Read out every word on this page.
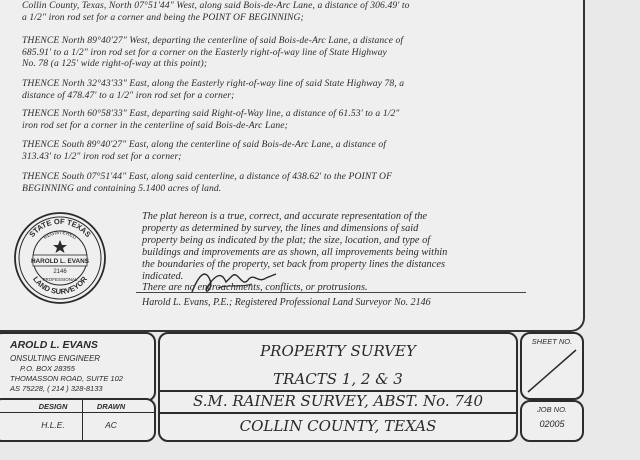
Collin County, Texas, North 07°51'44" West, along said Bois-de-Arc Lane, a distance of 306.49' to
a 1/2" iron rod set for a corner and being the POINT OF BEGINNING;
THENCE North 89°40'27" West, departing the centerline of said Bois-de-Arc Lane, a distance of
685.91' to a 1/2" iron rod set for a corner on the Easterly right-of-way line of State Highway
No. 78 (a 125' wide right-of-way at this point);
THENCE North 32°43'33" East, along the Easterly right-of-way line of said State Highway 78, a
distance of 478.47' to a 1/2" iron rod set for a corner;
THENCE North 60°58'33" East, departing said Right-of-Way line, a distance of 61.53' to a 1/2"
iron rod set for a corner in the centerline of said Bois-de-Arc Lane;
THENCE South 89°40'27" East, along the centerline of said Bois-de-Arc Lane, a distance of
313.43' to 1/2" iron rod set for a corner;
THENCE South 07°51'44" East, along said centerline, a distance of 438.62' to the POINT OF
BEGINNING and containing 5.1400 acres of land.
STATE OF TEXAS
LAND SURVEYOR
REGISTERED
HAROLD L. EVANS
2146
PROFESSIONAL
The plat hereon is a true, correct, and accurate representation of the
property as determined by survey, the lines and dimensions of said
property being as indicated by the plat; the size, location, and type of
buildings and improvements are as shown, all improvements being within
the boundaries of the property, set back from property lines the distances
indicated.
There are no encroachments, conflicts, or protrusions.
Harold L. Evans, P.E.; Registered Professional Land Surveyor No. 2146
AROLD L. EVANS
ONSULTING ENGINEER
P.O. BOX 28355
THOMASSON ROAD, SUITE 102
AS 75228, ( 214 ) 328-8133
DESIGN	DRAWN
H.L.E.	AC
PROPERTY SURVEY
TRACTS 1, 2 & 3
S.M. RAINER SURVEY, ABST. No. 740
COLLIN COUNTY, TEXAS
SHEET NO.
JOB NO.
02005
